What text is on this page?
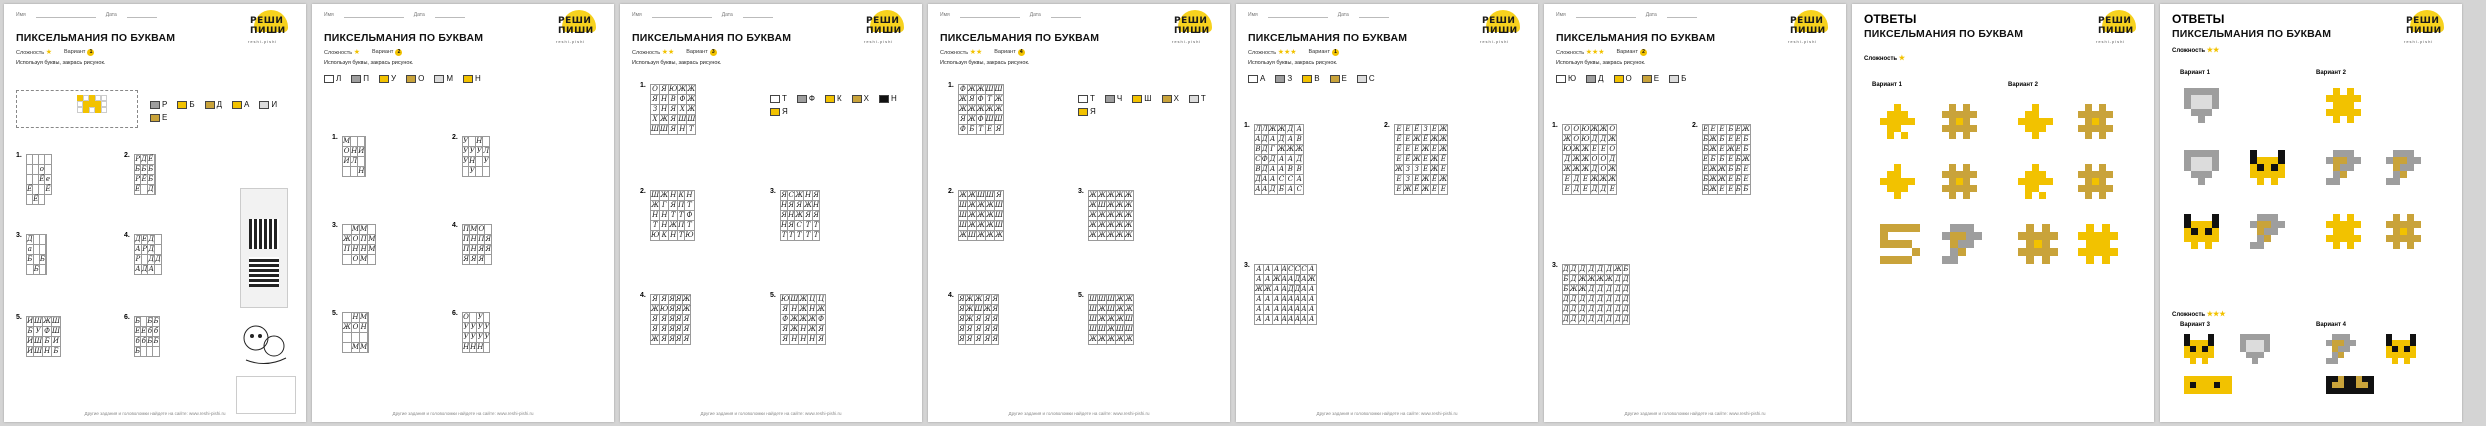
Имя	Дата
РЕШИ ПИШИ
reshi-pishi
ПИКСЕЛЬМАНИЯ ПО БУКВАМ
Сложность ★ Вариант 1
Используя буквы, закрась рисунок.
Р	Б	Д	А	И
Е
1.

		о	
		Ё	е
Ё			Ё
	Ё		
2. Р	Д	Ё	
Б	Б	Б	
Р	Ё	Б	
Ё		Д	
3. Д			
а			
Б		Б	
	Б		
4. Д	Е	Д	
А	Р	Д	
Р		Д	Д
А	Д	А	
5. И	Ш	Ж	Ш
Б	У	Ф	Ш
И	Ш	Б	И
И	Ш	Н	Б
6. Б		Б	Б
Е	Е	б	б
б	б	Б	Б
Б			
Другие задания и головоломки найдете на сайте: www.reshi-pishi.ru
Имя	Дата
РЕШИ ПИШИ
reshi-pishi
ПИКСЕЛЬМАНИЯ ПО БУКВАМ
Сложность ★ Вариант 2
Используя буквы, закрась рисунок.
Л	П	У	О	М	Н
1. М			
О	Н	И	
И	Л		
		Н	
2. У		Н	
У	У	У	Л
У	Н		У
	У		
3.
	М	М	
Ж	О	П	М
П	Н	Н	М
	О	М	
4. П	М	О	
П	Н	П	Я
П	Н	Я	Я
Я	Я	Я	
5.
	Н	М	
Ж	О	Н	

	М	М	
6. О		У	
У	У	У	У
У	У	У	У
Н	Н	Н	
Другие задания и головоломки найдете на сайте: www.reshi-pishi.ru
Имя	Дата
РЕШИ ПИШИ
reshi-pishi
ПИКСЕЛЬМАНИЯ ПО БУКВАМ
Сложность ★★ Вариант 3
Используя буквы, закрась рисунок.
Т	Ф	К	Х	Н
Я
1. О	Я	Ю	Ж	Ж
Я	Н	В	Ф	Ж
З	Н	Я	Х	Ж
Х	Ж	Я	Ш	Ш
Ш	Ш	Я	Н	Т
2. Ш	Ж	Н	К	Н
Ж	Г	Я	П	Т
Н	Н	Т	Т	Ф
Т	Н	Ж	П	Т
Ю	К	Н	Т	Ю
3. Я	С	Ж	Н	Я
Н	Я	Я	Ж	Н
Я	Н	Ж	Я	Я
Н	Я	С	Т	Т
Т	Т	Т	Т	Т
4. Я	Я	Я	Я	Ж
Ж	Ю	Я	Я	Ж
Я	Я	Я	Я	Я
Я	Я	Я	Я	Я
Ж	Я	Я	Я	Я
5. Ю	Ш	Ж	Ц	Ц
Я	Н	Ж	Н	Ж
Ф	Ж	Ж	Ж	Ф
Я	Ж	Н	Ж	Я
Я	Н	Н	Н	Я
Другие задания и головоломки найдете на сайте: www.reshi-pishi.ru
Имя	Дата
РЕШИ ПИШИ
reshi-pishi
ПИКСЕЛЬМАНИЯ ПО БУКВАМ
Сложность ★★ Вариант 4
Используя буквы, закрась рисунок.
Т	Ч	Ш	Х	Т
Я
1. Ф	Ж	Ж	Ш	Ш
Ж	Я	Ф	Т	Ж
Ж	Ж	Ж	Ж	Ж
Я	Ж	Ф	Ш	Ш
Ф	Б	Т	Е	Я
2. Ж	Ж	Ш	Ш	Я
Ш	Ж	Ж	Ж	Ш
Ш	Ж	Ж	Ж	Ш
Ш	Ж	Ж	Ж	Ш
Ж	Ш	Ж	Ж	Ж
3. Ж	Ж	Ж	Ж	Ж
Ж	Ш	Ж	Ж	Ж
Ж	Ж	Ж	Ж	Ж
Ж	Ж	Ж	Ж	Ж
Ж	Ж	Ж	Ж	Ж
4. Я	Ж	Ж	Я	Я
Я	Ж	Ш	Ж	Я
Я	Ж	Я	Я	Я
Я	Я	Я	Я	Я
Я	Я	Я	Я	Я
5. Ш	Ш	Ш	Ж	Ж
Ш	Ж	Ш	Ж	Ж
Ш	Ж	Ж	Ж	Ш
Ш	Ш	Ж	Ш	Ш
Ж	Ж	Ж	Ж	Ж
Другие задания и головоломки найдете на сайте: www.reshi-pishi.ru
Имя	Дата
РЕШИ ПИШИ
reshi-pishi
ПИКСЕЛЬМАНИЯ ПО БУКВАМ
Сложность ★★★ Вариант 1
Используя буквы, закрась рисунок.
А	З	В	Е	С
1. Л	Л	Ж	Ж	Д	А
А	Д	А	Д	А	В
В	Д	Г	Ж	Ж	Ж
С	Ф	Д	А	А	Д
В	Д	А	А	В	В
Д	А	А	С	С	А
А	А	Д	Б	А	С
2. Е	Е	Ё	З	Е	Ж
Ё	Е	Ж	Ё	Ж	Ж
Ё	Е	Е	Ж	Е	Ж
Е	Ё	Ж	Е	Ж	Ё
Ж	З	З	Е	Ж	Е
Е	З	Е	Ж	Ё	Ж
Е	Ж	Ё	Ж	Е	Е
3. А	А	А	А	С	С	С	А
А	А	Ж	А	А	Д	А	Ж
Ж	Ж	А	А	Д	Д	А	А
А	А	А	А	А	А	А	А
А	А	А	А	А	А	А	А
А	А	А	А	А	А	А	А
Другие задания и головоломки найдете на сайте: www.reshi-pishi.ru
Имя	Дата
РЕШИ ПИШИ
reshi-pishi
ПИКСЕЛЬМАНИЯ ПО БУКВАМ
Сложность ★★★ Вариант 2
Используя буквы, закрась рисунок.
Ю	Д	О	Е	Б
1. О	О	Ю	Ж	Ж	О
Ж	О	Ю	Д	Д	Ж
Ю	Ж	Ж	Е	Е	О
Д	Ж	Ж	О	О	Д
Ж	Ж	Ж	Д	О	Ж
Е	Д	Е	Ж	Ж	Ж
Е	Д	Е	Д	Д	Е
2. Е	Е	Е	Б	Е	Ж
Б	Ж	Б	Е	Е	Б
Б	Ж	Е	Ж	Е	Б
Е	Б	Б	Е	Б	Ж
Е	Ж	Ж	Б	Б	Е
Б	Ж	Ж	Е	Б	Е
Б	Ж	Е	Е	Б	Б
3. Д	Д	Д	Д	Д	Д	Ж	Б
Б	Д	Ж	Ж	Ж	Ж	Д	Д
Б	Ж	Ж	Д	Д	Д	Д	Д
Д	Д	Д	Д	Д	Д	Д	Д
Д	Д	Д	Д	Д	Д	Д	Д
Д	Д	Д	Д	Д	Д	Д	Д
Другие задания и головоломки найдете на сайте: www.reshi-pishi.ru
РЕШИ ПИШИ
reshi-pishi
ОТВЕТЫ
ПИКСЕЛЬМАНИЯ ПО БУКВАМ
Сложность ★
Вариант 1	Вариант 2
РЕШИ ПИШИ
reshi-pishi
ОТВЕТЫ
ПИКСЕЛЬМАНИЯ ПО БУКВАМ
Сложность ★★
Вариант 1	Вариант 2
Сложность ★★★
Вариант 3	Вариант 4
